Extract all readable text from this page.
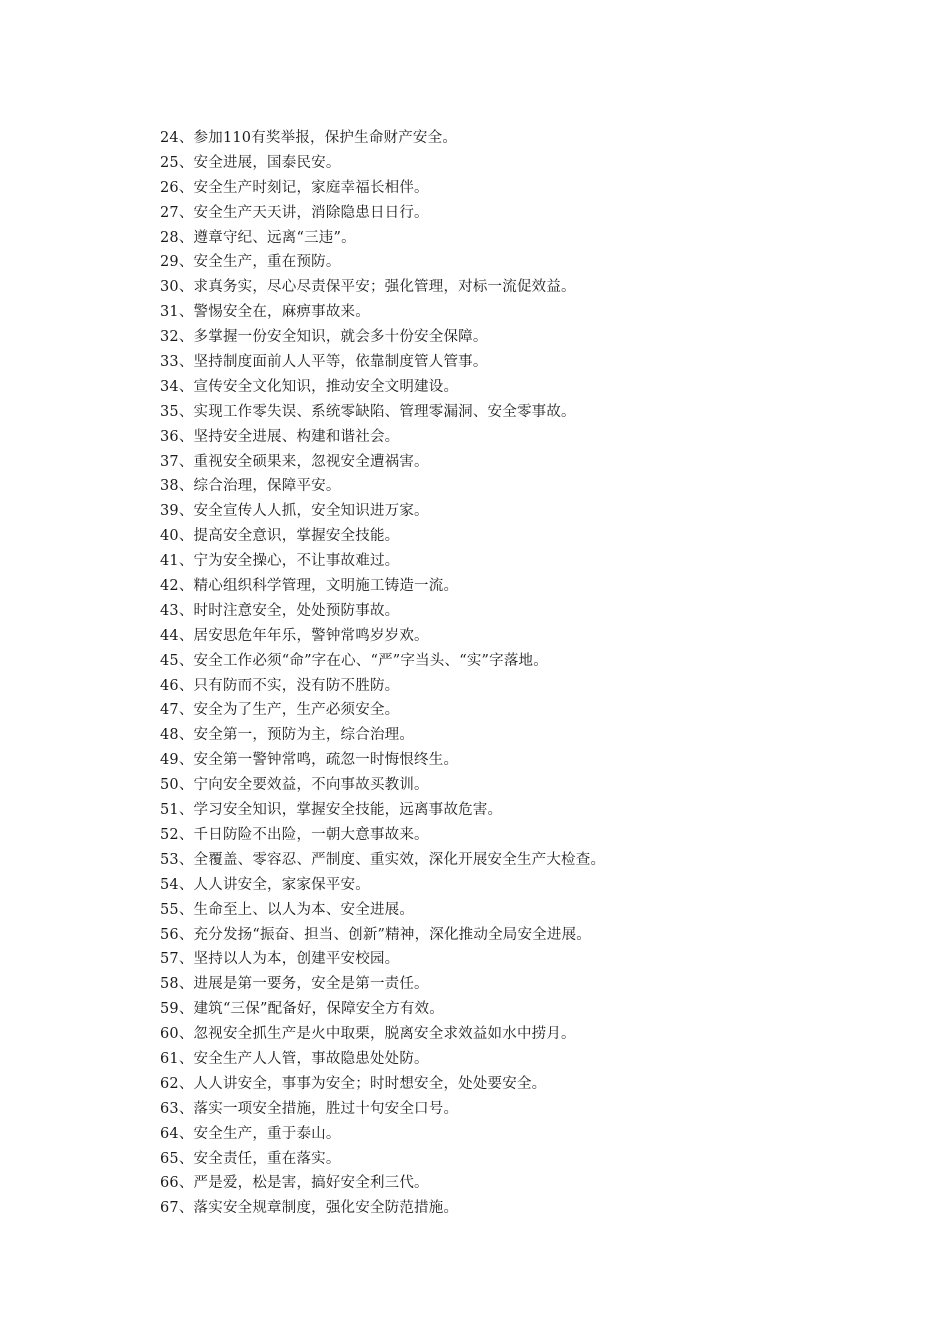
24、参加110有奖举报，保护生命财产安全。
25、安全进展，国泰民安。
26、安全生产时刻记，家庭幸福长相伴。
27、安全生产天天讲，消除隐患日日行。
28、遵章守纪、远离“三违”。
29、安全生产，重在预防。
30、求真务实，尽心尽责保平安；强化管理，对标一流促效益。
31、警惕安全在，麻痹事故来。
32、多掌握一份安全知识，就会多十份安全保障。
33、坚持制度面前人人平等，依靠制度管人管事。
34、宣传安全文化知识，推动安全文明建设。
35、实现工作零失误、系统零缺陷、管理零漏洞、安全零事故。
36、坚持安全进展、构建和谐社会。
37、重视安全硕果来，忽视安全遭祸害。
38、综合治理，保障平安。
39、安全宣传人人抓，安全知识进万家。
40、提高安全意识，掌握安全技能。
41、宁为安全操心，不让事故难过。
42、精心组织科学管理，文明施工铸造一流。
43、时时注意安全，处处预防事故。
44、居安思危年年乐，警钟常鸣岁岁欢。
45、安全工作必须“命”字在心、“严”字当头、“实”字落地。
46、只有防而不实，没有防不胜防。
47、安全为了生产，生产必须安全。
48、安全第一，预防为主，综合治理。
49、安全第一警钟常鸣，疏忽一时悔恨终生。
50、宁向安全要效益，不向事故买教训。
51、学习安全知识，掌握安全技能，远离事故危害。
52、千日防险不出险，一朝大意事故来。
53、全覆盖、零容忍、严制度、重实效，深化开展安全生产大检查。
54、人人讲安全，家家保平安。
55、生命至上、以人为本、安全进展。
56、充分发扬“振奋、担当、创新”精神，深化推动全局安全进展。
57、坚持以人为本，创建平安校园。
58、进展是第一要务，安全是第一责任。
59、建筑“三保”配备好，保障安全方有效。
60、忽视安全抓生产是火中取栗，脱离安全求效益如水中捞月。
61、安全生产人人管，事故隐患处处防。
62、人人讲安全，事事为安全；时时想安全，处处要安全。
63、落实一项安全措施，胜过十句安全口号。
64、安全生产，重于泰山。
65、安全责任，重在落实。
66、严是爱，松是害，搞好安全利三代。
67、落实安全规章制度，强化安全防范措施。
